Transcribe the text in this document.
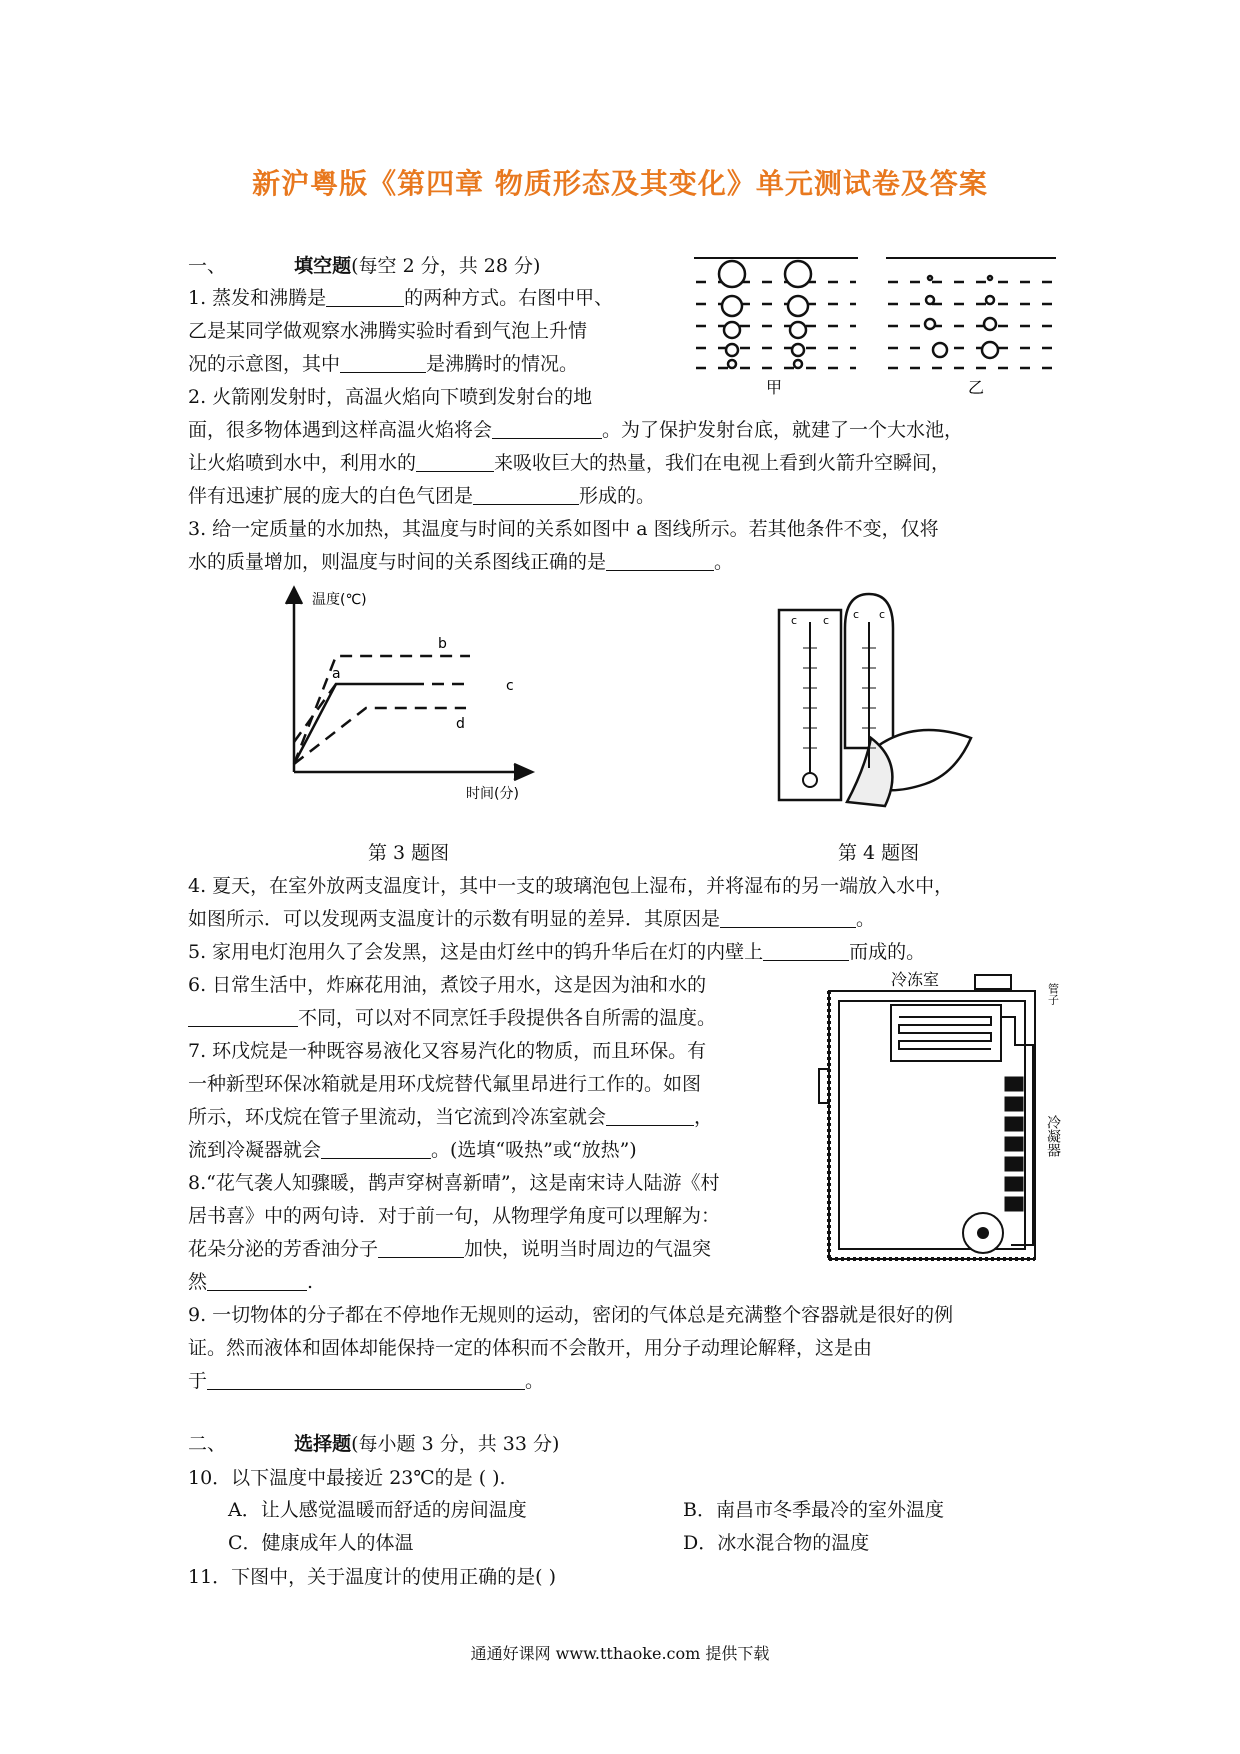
新沪粤版《第四章 物质形态及其变化》单元测试卷及答案
一、	填空题(每空 2 分，共 28 分)
1. 蒸发和沸腾是	的两种方式。右图中甲、
乙是某同学做观察水沸腾实验时看到气泡上升情
况的示意图，其中	是沸腾时的情况。
2. 火箭刚发射时，高温火焰向下喷到发射台的地
面，很多物体遇到这样高温火焰将会	。为了保护发射台底，就建了一个大水池，
让火焰喷到水中，利用水的	来吸收巨大的热量，我们在电视上看到火箭升空瞬间，
伴有迅速扩展的庞大的白色气团是	形成的。
3. 给一定质量的水加热，其温度与时间的关系如图中 a 图线所示。若其他条件不变，仅将
水的质量增加，则温度与时间的关系图线正确的是	。
甲	乙
温度(℃)
a
b
c
d
时间(分)
第 3 题图
c c c c
第 4 题图
4. 夏天，在室外放两支温度计，其中一支的玻璃泡包上湿布，并将湿布的另一端放入水中，
如图所示．可以发现两支温度计的示数有明显的差异．其原因是	。
5. 家用电灯泡用久了会发黑，这是由灯丝中的钨升华后在灯的内壁上	而成的。
6. 日常生活中，炸麻花用油，煮饺子用水，这是因为油和水的
不同，可以对不同烹饪手段提供各自所需的温度。
7. 环戊烷是一种既容易液化又容易汽化的物质，而且环保。有
一种新型环保冰箱就是用环戊烷替代氟里昂进行工作的。如图
所示，环戊烷在管子里流动，当它流到冷冻室就会	，
流到冷凝器就会	。(选填“吸热”或“放热”)
8.“花气袭人知骤暖，鹊声穿树喜新晴”，这是南宋诗人陆游《村
居书喜》中的两句诗．对于前一句，从物理学角度可以理解为：
花朵分泌的芳香油分子	加快，说明当时周边的气温突
然	.
冷冻室
冷凝器
管子
9. 一切物体的分子都在不停地作无规则的运动，密闭的气体总是充满整个容器就是很好的例
证。然而液体和固体却能保持一定的体积而不会散开，用分子动理论解释，这是由
于	。
二、	选择题(每小题 3 分，共 33 分)
10．以下温度中最接近 23℃的是 ( ).
A．让人感觉温暖而舒适的房间温度	B．南昌市冬季最冷的室外温度
C．健康成年人的体温	D．冰水混合物的温度
11．下图中，关于温度计的使用正确的是( )
通通好课网 www.tthaoke.com 提供下载
